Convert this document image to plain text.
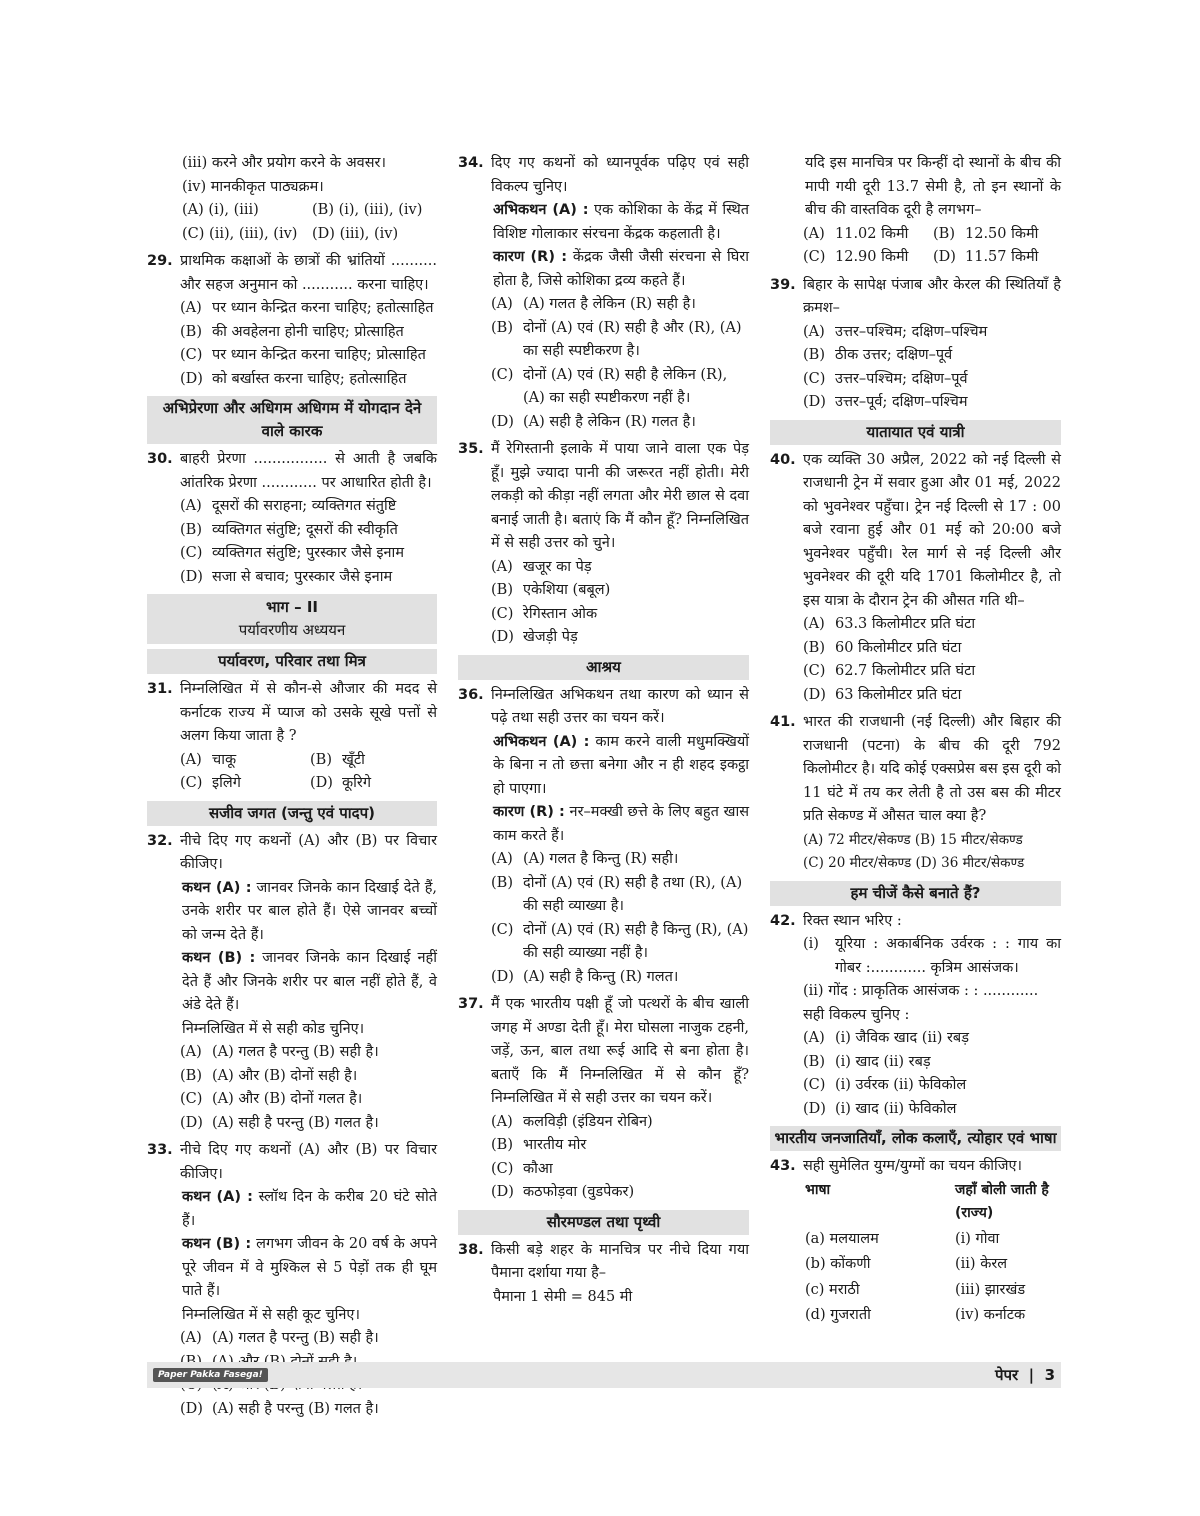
(iii) करने और प्रयोग करने के अवसर।
(iv) मानकीकृत पाठ्यक्रम।
(A) (i), (iii)	(B) (i), (iii), (iv)
(C) (ii), (iii), (iv)	(D) (iii), (iv)
29. प्राथमिक कक्षाओं के छात्रों की भ्रांतियों .......... और सहज अनुमान को ........... करना चाहिए।
(A) पर ध्यान केन्द्रित करना चाहिए; हतोत्साहित
(B) की अवहेलना होनी चाहिए; प्रोत्साहित
(C) पर ध्यान केन्द्रित करना चाहिए; प्रोत्साहित
(D) को बर्खास्त करना चाहिए; हतोत्साहित
अभिप्रेरणा और अधिगम अधिगम में योगदान देने वाले कारक
30. बाहरी प्रेरणा ................ से आती है जबकि आंतरिक प्रेरणा ............ पर आधारित होती है।
(A) दूसरों की सराहना; व्यक्तिगत संतुष्टि
(B) व्यक्तिगत संतुष्टि; दूसरों की स्वीकृति
(C) व्यक्तिगत संतुष्टि; पुरस्कार जैसे इनाम
(D) सजा से बचाव; पुरस्कार जैसे इनाम
भाग – II
पर्यावरणीय अध्ययन
पर्यावरण, परिवार तथा मित्र
31. निम्नलिखित में से कौन-से औजार की मदद से कर्नाटक राज्य में प्याज को उसके सूखे पत्तों से अलग किया जाता है ?
(A) चाकू	(B) खूँटी
(C) इलिगे	(D) कूरिगे
सजीव जगत (जन्तु एवं पादप)
32. नीचे दिए गए कथनों (A) और (B) पर विचार कीजिए।
कथन (A) : जानवर जिनके कान दिखाई देते हैं, उनके शरीर पर बाल होते हैं। ऐसे जानवर बच्चों को जन्म देते हैं।
कथन (B) : जानवर जिनके कान दिखाई नहीं देते हैं और जिनके शरीर पर बाल नहीं होते हैं, वे अंडे देते हैं।
निम्नलिखित में से सही कोड चुनिए।
(A) (A) गलत है परन्तु (B) सही है।
(B) (A) और (B) दोनों सही है।
(C) (A) और (B) दोनों गलत है।
(D) (A) सही है परन्तु (B) गलत है।
33. नीचे दिए गए कथनों (A) और (B) पर विचार कीजिए।
कथन (A) : स्लॉथ दिन के करीब 20 घंटे सोते हैं।
कथन (B) : लगभग जीवन के 20 वर्ष के अपने पूरे जीवन में वे मुश्किल से 5 पेड़ों तक ही घूम पाते हैं।
निम्नलिखित में से सही कूट चुनिए।
(A) (A) गलत है परन्तु (B) सही है।
(D) (A) सही है परन्तु (B) गलत है।
34. दिए गए कथनों को ध्यानपूर्वक पढ़िए एवं सही विकल्प चुनिए।
अभिकथन (A) : एक कोशिका के केंद्र में स्थित विशिष्ट गोलाकार संरचना केंद्रक कहलाती है।
कारण (R) : केंद्रक जैसी जैसी संरचना से घिरा होता है, जिसे कोशिका द्रव्य कहते हैं।
(A) (A) गलत है लेकिन (R) सही है।
(B) दोनों (A) एवं (R) सही है और (R), (A) का सही स्पष्टीकरण है।
(C) दोनों (A) एवं (R) सही है लेकिन (R), (A) का सही स्पष्टीकरण नहीं है।
(D) (A) सही है लेकिन (R) गलत है।
35. मैं रेगिस्तानी इलाके में पाया जाने वाला एक पेड़ हूँ। मुझे ज्यादा पानी की जरूरत नहीं होती। मेरी लकड़ी को कीड़ा नहीं लगता और मेरी छाल से दवा बनाई जाती है। बताएं कि मैं कौन हूँ? निम्नलिखित में से सही उत्तर को चुने।
(A) खजूर का पेड़
(B) एकेशिया (बबूल)
(C) रेगिस्तान ओक
(D) खेजड़ी पेड़
आश्रय
36. निम्नलिखित अभिकथन तथा कारण को ध्यान से पढ़े तथा सही उत्तर का चयन करें।
अभिकथन (A) : काम करने वाली मधुमक्खियों के बिना न तो छत्ता बनेगा और न ही शहद इकट्ठा हो पाएगा।
कारण (R) : नर–मक्खी छत्ते के लिए बहुत खास काम करते हैं।
(A) (A) गलत है किन्तु (R) सही।
(B) दोनों (A) एवं (R) सही है तथा (R), (A) की सही व्याख्या है।
(C) दोनों (A) एवं (R) सही है किन्तु (R), (A) की सही व्याख्या नहीं है।
(D) (A) सही है किन्तु (R) गलत।
37. मैं एक भारतीय पक्षी हूँ जो पत्थरों के बीच खाली जगह में अण्डा देती हूँ। मेरा घोसला नाजुक टहनी, जड़ें, ऊन, बाल तथा रूई आदि से बना होता है। बताएँ कि मैं निम्नलिखित में से कौन हूँ? निम्नलिखित में से सही उत्तर का चयन करें।
(A) कलविड़ी (इंडियन रोबिन)
(B) भारतीय मोर
(C) कौआ
(D) कठफोड़वा (वुडपेकर)
सौरमण्डल तथा पृथ्वी
38. किसी बड़े शहर के मानचित्र पर नीचे दिया गया पैमाना दर्शाया गया है–
पैमाना 1 सेमी = 845 मी
यदि इस मानचित्र पर किन्हीं दो स्थानों के बीच की मापी गयी दूरी 13.7 सेमी है, तो इन स्थानों के बीच की वास्तविक दूरी है लगभग–
(A) 11.02 किमी (B) 12.50 किमी
(C) 12.90 किमी (D) 11.57 किमी
39. बिहार के सापेक्ष पंजाब और केरल की स्थितियाँ है क्रमश–
(A) उत्तर–पश्चिम; दक्षिण–पश्चिम
(B) ठीक उत्तर; दक्षिण–पूर्व
(C) उत्तर–पश्चिम; दक्षिण–पूर्व
(D) उत्तर–पूर्व; दक्षिण–पश्चिम
यातायात एवं यात्री
40. एक व्यक्ति 30 अप्रैल, 2022 को नई दिल्ली से राजधानी ट्रेन में सवार हुआ और 01 मई, 2022 को भुवनेश्वर पहुँचा। ट्रेन नई दिल्ली से 17 : 00 बजे रवाना हुई और 01 मई को 20:00 बजे भुवनेश्वर पहुँची। रेल मार्ग से नई दिल्ली और भुवनेश्वर की दूरी यदि 1701 किलोमीटर है, तो इस यात्रा के दौरान ट्रेन की औसत गति थी–
(A) 63.3 किलोमीटर प्रति घंटा
(B) 60 किलोमीटर प्रति घंटा
(C) 62.7 किलोमीटर प्रति घंटा
(D) 63 किलोमीटर प्रति घंटा
41. भारत की राजधानी (नई दिल्ली) और बिहार की राजधानी (पटना) के बीच की दूरी 792 किलोमीटर है। यदि कोई एक्सप्रेस बस इस दूरी को 11 घंटे में तय कर लेती है तो उस बस की मीटर प्रति सेकण्ड में औसत चाल क्या है?
(A) 72 मीटर/सेकण्ड (B) 15 मीटर/सेकण्ड
(C) 20 मीटर/सेकण्ड (D) 36 मीटर/सेकण्ड
हम चीजें कैसे बनाते हैं?
42. रिक्त स्थान भरिए :
(i)	यूरिया : अकार्बनिक उर्वरक : : गाय का गोबर :............ कृत्रिम आसंजक।
(ii) गोंद : प्राकृतिक आसंजक : : ............
सही विकल्प चुनिए :
(A) (i) जैविक खाद (ii) रबड़
(B) (i) खाद (ii) रबड़
(C) (i) उर्वरक (ii) फेविकोल
(D) (i) खाद (ii) फेविकोल
भारतीय जनजातियाँ, लोक कलाएँ, त्योहार एवं भाषा
43. सही सुमेलित युग्म/युग्मों का चयन कीजिए।
भाषा	जहाँ बोली जाती है (राज्य)
(a) मलयालम	(i) गोवा
(b) कोंकणी	(ii) केरल
(c) मराठी	(iii) झारखंड
(d) गुजराती	(iv) कर्नाटक
Paper Pakka Fasega!	पेपर  |  3
